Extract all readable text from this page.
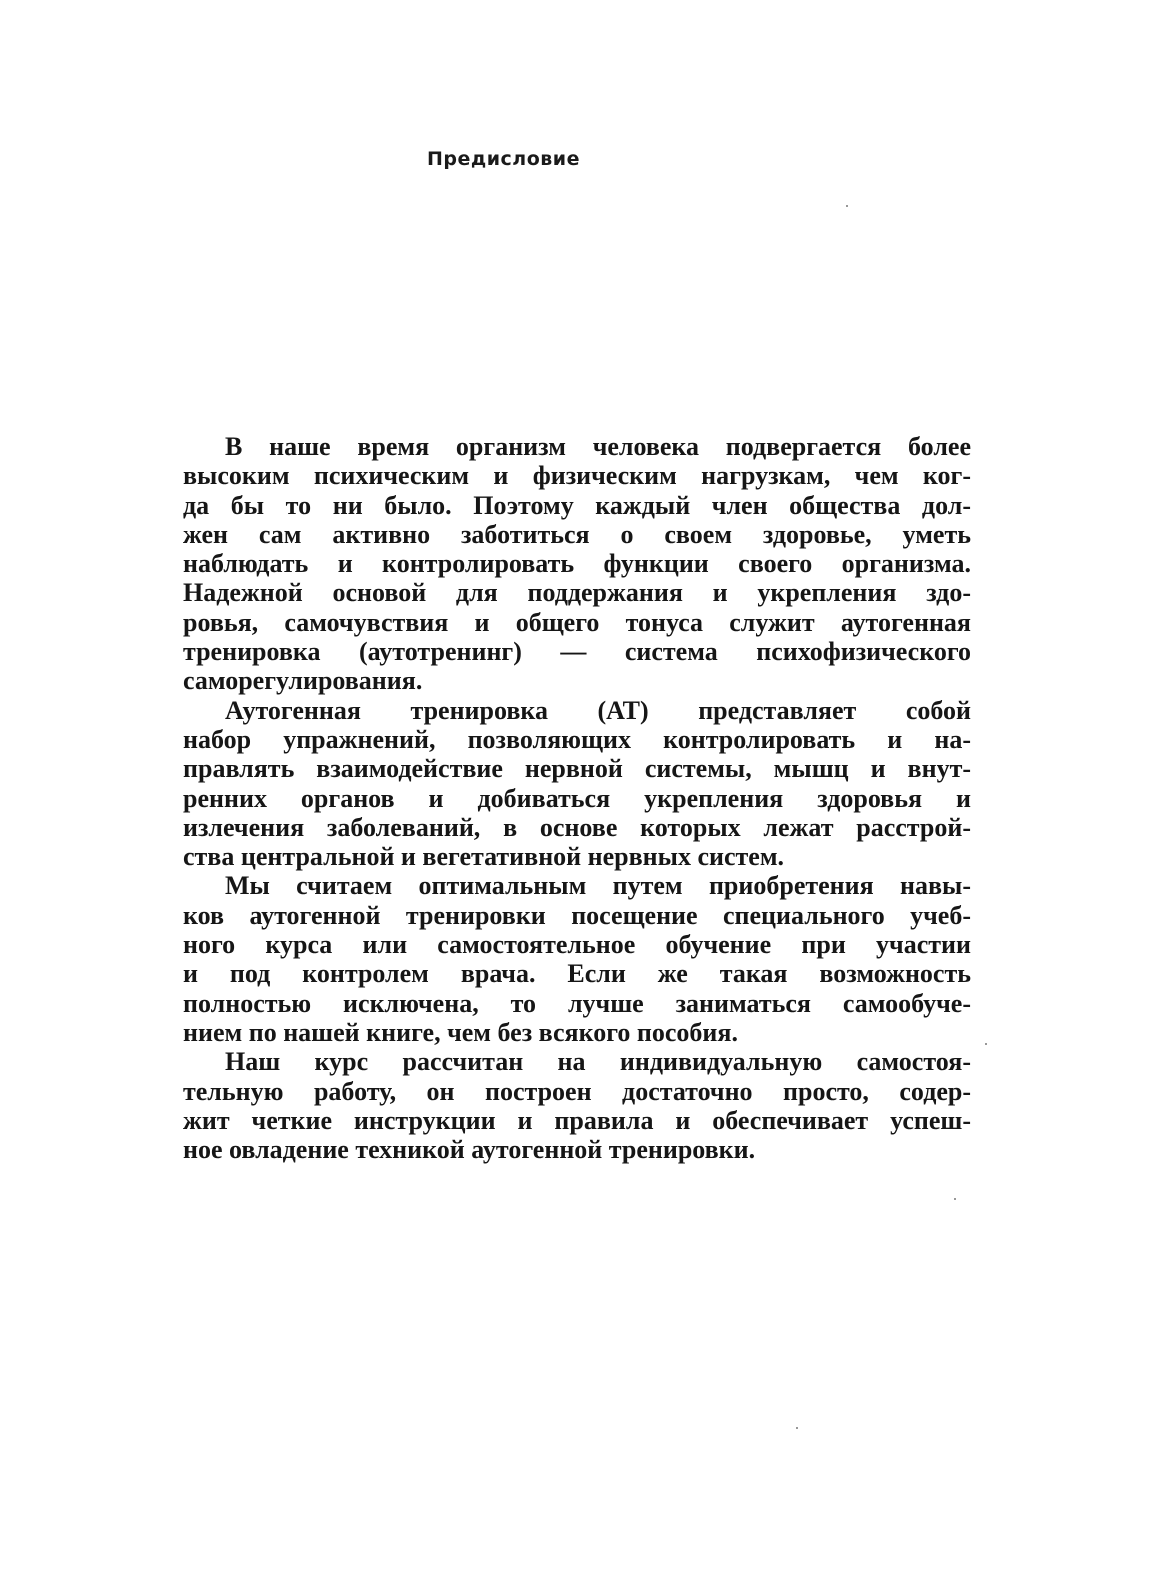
Предисловие
В наше время организм человека подвергается более
высоким психическим и физическим нагрузкам, чем ког-
да бы то ни было. Поэтому каждый член общества дол-
жен сам активно заботиться о своем здоровье, уметь
наблюдать и контролировать функции своего организма.
Надежной основой для поддержания и укрепления здо-
ровья, самочувствия и общего тонуса служит аутогенная
тренировка (аутотренинг) — система психофизического
саморегулирования.
Аутогенная тренировка (АТ) представляет собой
набор упражнений, позволяющих контролировать и на-
правлять взаимодействие нервной системы, мышц и внут-
ренних органов и добиваться укрепления здоровья и
излечения заболеваний, в основе которых лежат расстрой-
ства центральной и вегетативной нервных систем.
Мы считаем оптимальным путем приобретения навы-
ков аутогенной тренировки посещение специального учеб-
ного курса или самостоятельное обучение при участии
и под контролем врача. Если же такая возможность
полностью исключена, то лучше заниматься самообуче-
нием по нашей книге, чем без всякого пособия.
Наш курс рассчитан на индивидуальную самостоя-
тельную работу, он построен достаточно просто, содер-
жит четкие инструкции и правила и обеспечивает успеш-
ное овладение техникой аутогенной тренировки.
